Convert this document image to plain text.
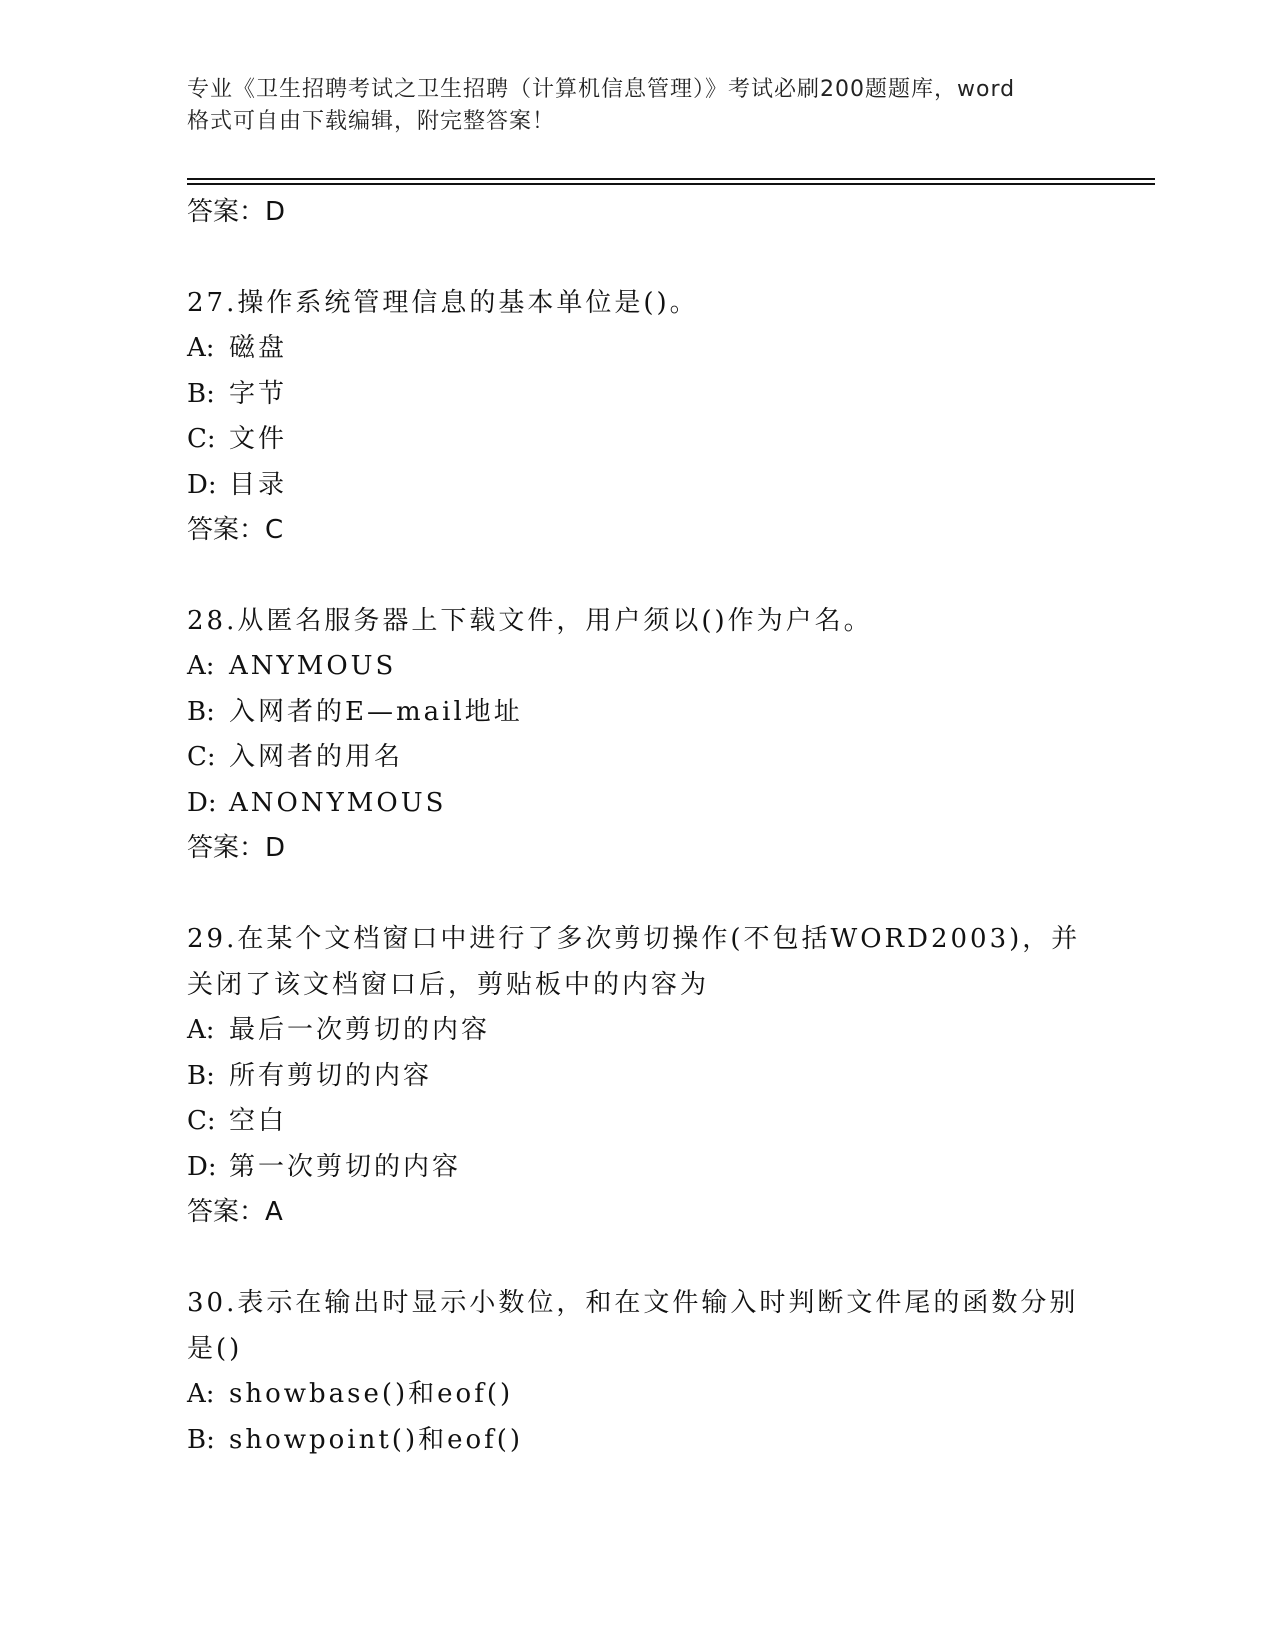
专业《卫生招聘考试之卫生招聘（计算机信息管理）》考试必刷200题题库，word
格式可自由下载编辑，附完整答案！
答案：D
27.操作系统管理信息的基本单位是()。
A: 磁盘
B: 字节
C: 文件
D: 目录
答案：C
28.从匿名服务器上下载文件，用户须以()作为户名。
A: ANYMOUS
B: 入网者的E—mail地址
C: 入网者的用名
D: ANONYMOUS
答案：D
29.在某个文档窗口中进行了多次剪切操作(不包括WORD2003)，并关闭了该文档窗口后，剪贴板中的内容为
A: 最后一次剪切的内容
B: 所有剪切的内容
C: 空白
D: 第一次剪切的内容
答案：A
30.表示在输出时显示小数位，和在文件输入时判断文件尾的函数分别是()
A: showbase()和eof()
B: showpoint()和eof()
